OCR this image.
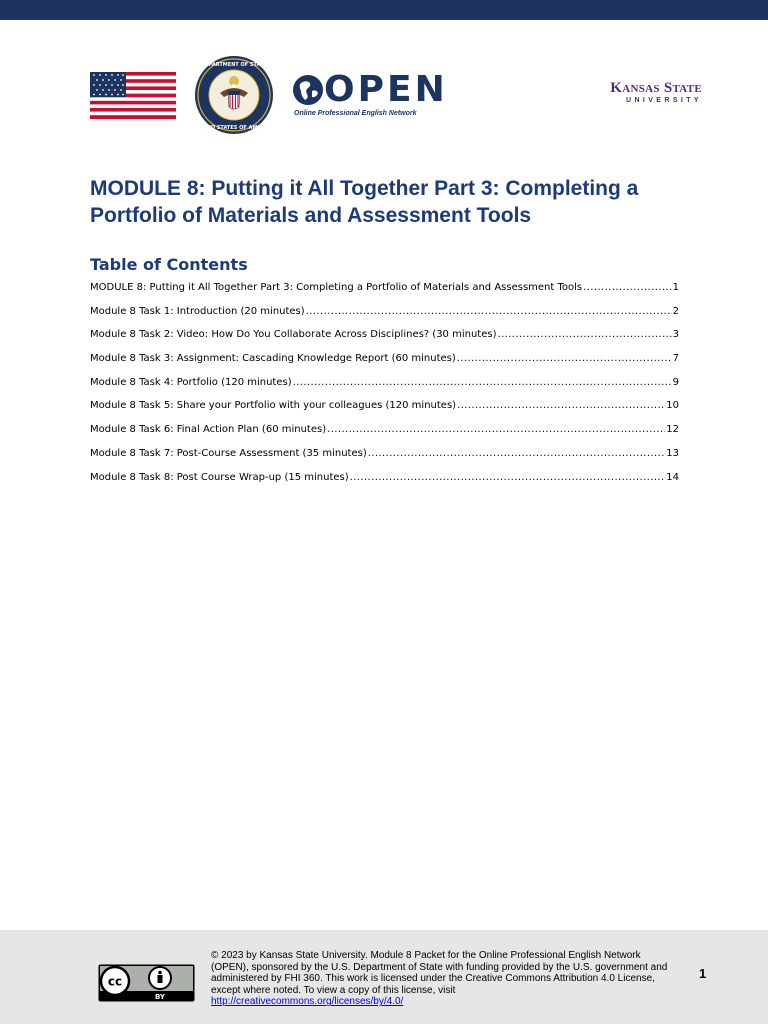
DEPARTMENT OF STATE
UNITED STATES OF AMERICA
OPEN
Online Professional English Network
Kansas State
UNIVERSITY
MODULE 8: Putting it All Together Part 3: Completing a Portfolio of Materials and Assessment Tools
Table of Contents
MODULE 8: Putting it All Together Part 3: Completing a Portfolio of Materials and Assessment Tools .....	1
Module 8 Task 1: Introduction (20 minutes) .....	2
Module 8 Task 2: Video: How Do You Collaborate Across Disciplines? (30 minutes) .....	3
Module 8 Task 3: Assignment: Cascading Knowledge Report (60 minutes) .....	7
Module 8 Task 4: Portfolio (120 minutes) .....	9
Module 8 Task 5: Share your Portfolio with your colleagues (120 minutes) .....	10
Module 8 Task 6: Final Action Plan (60 minutes) .....	12
Module 8 Task 7: Post-Course Assessment (35 minutes) .....	13
Module 8 Task 8: Post Course Wrap-up (15 minutes) .....	14
cc
BY
© 2023 by Kansas State University. Module 8 Packet for the Online Professional English Network (OPEN), sponsored by the U.S. Department of State with funding provided by the U.S. government and administered by FHI 360. This work is licensed under the Creative Commons Attribution 4.0 License, except where noted. To view a copy of this license, visit
http://creativecommons.org/licenses/by/4.0/
1
